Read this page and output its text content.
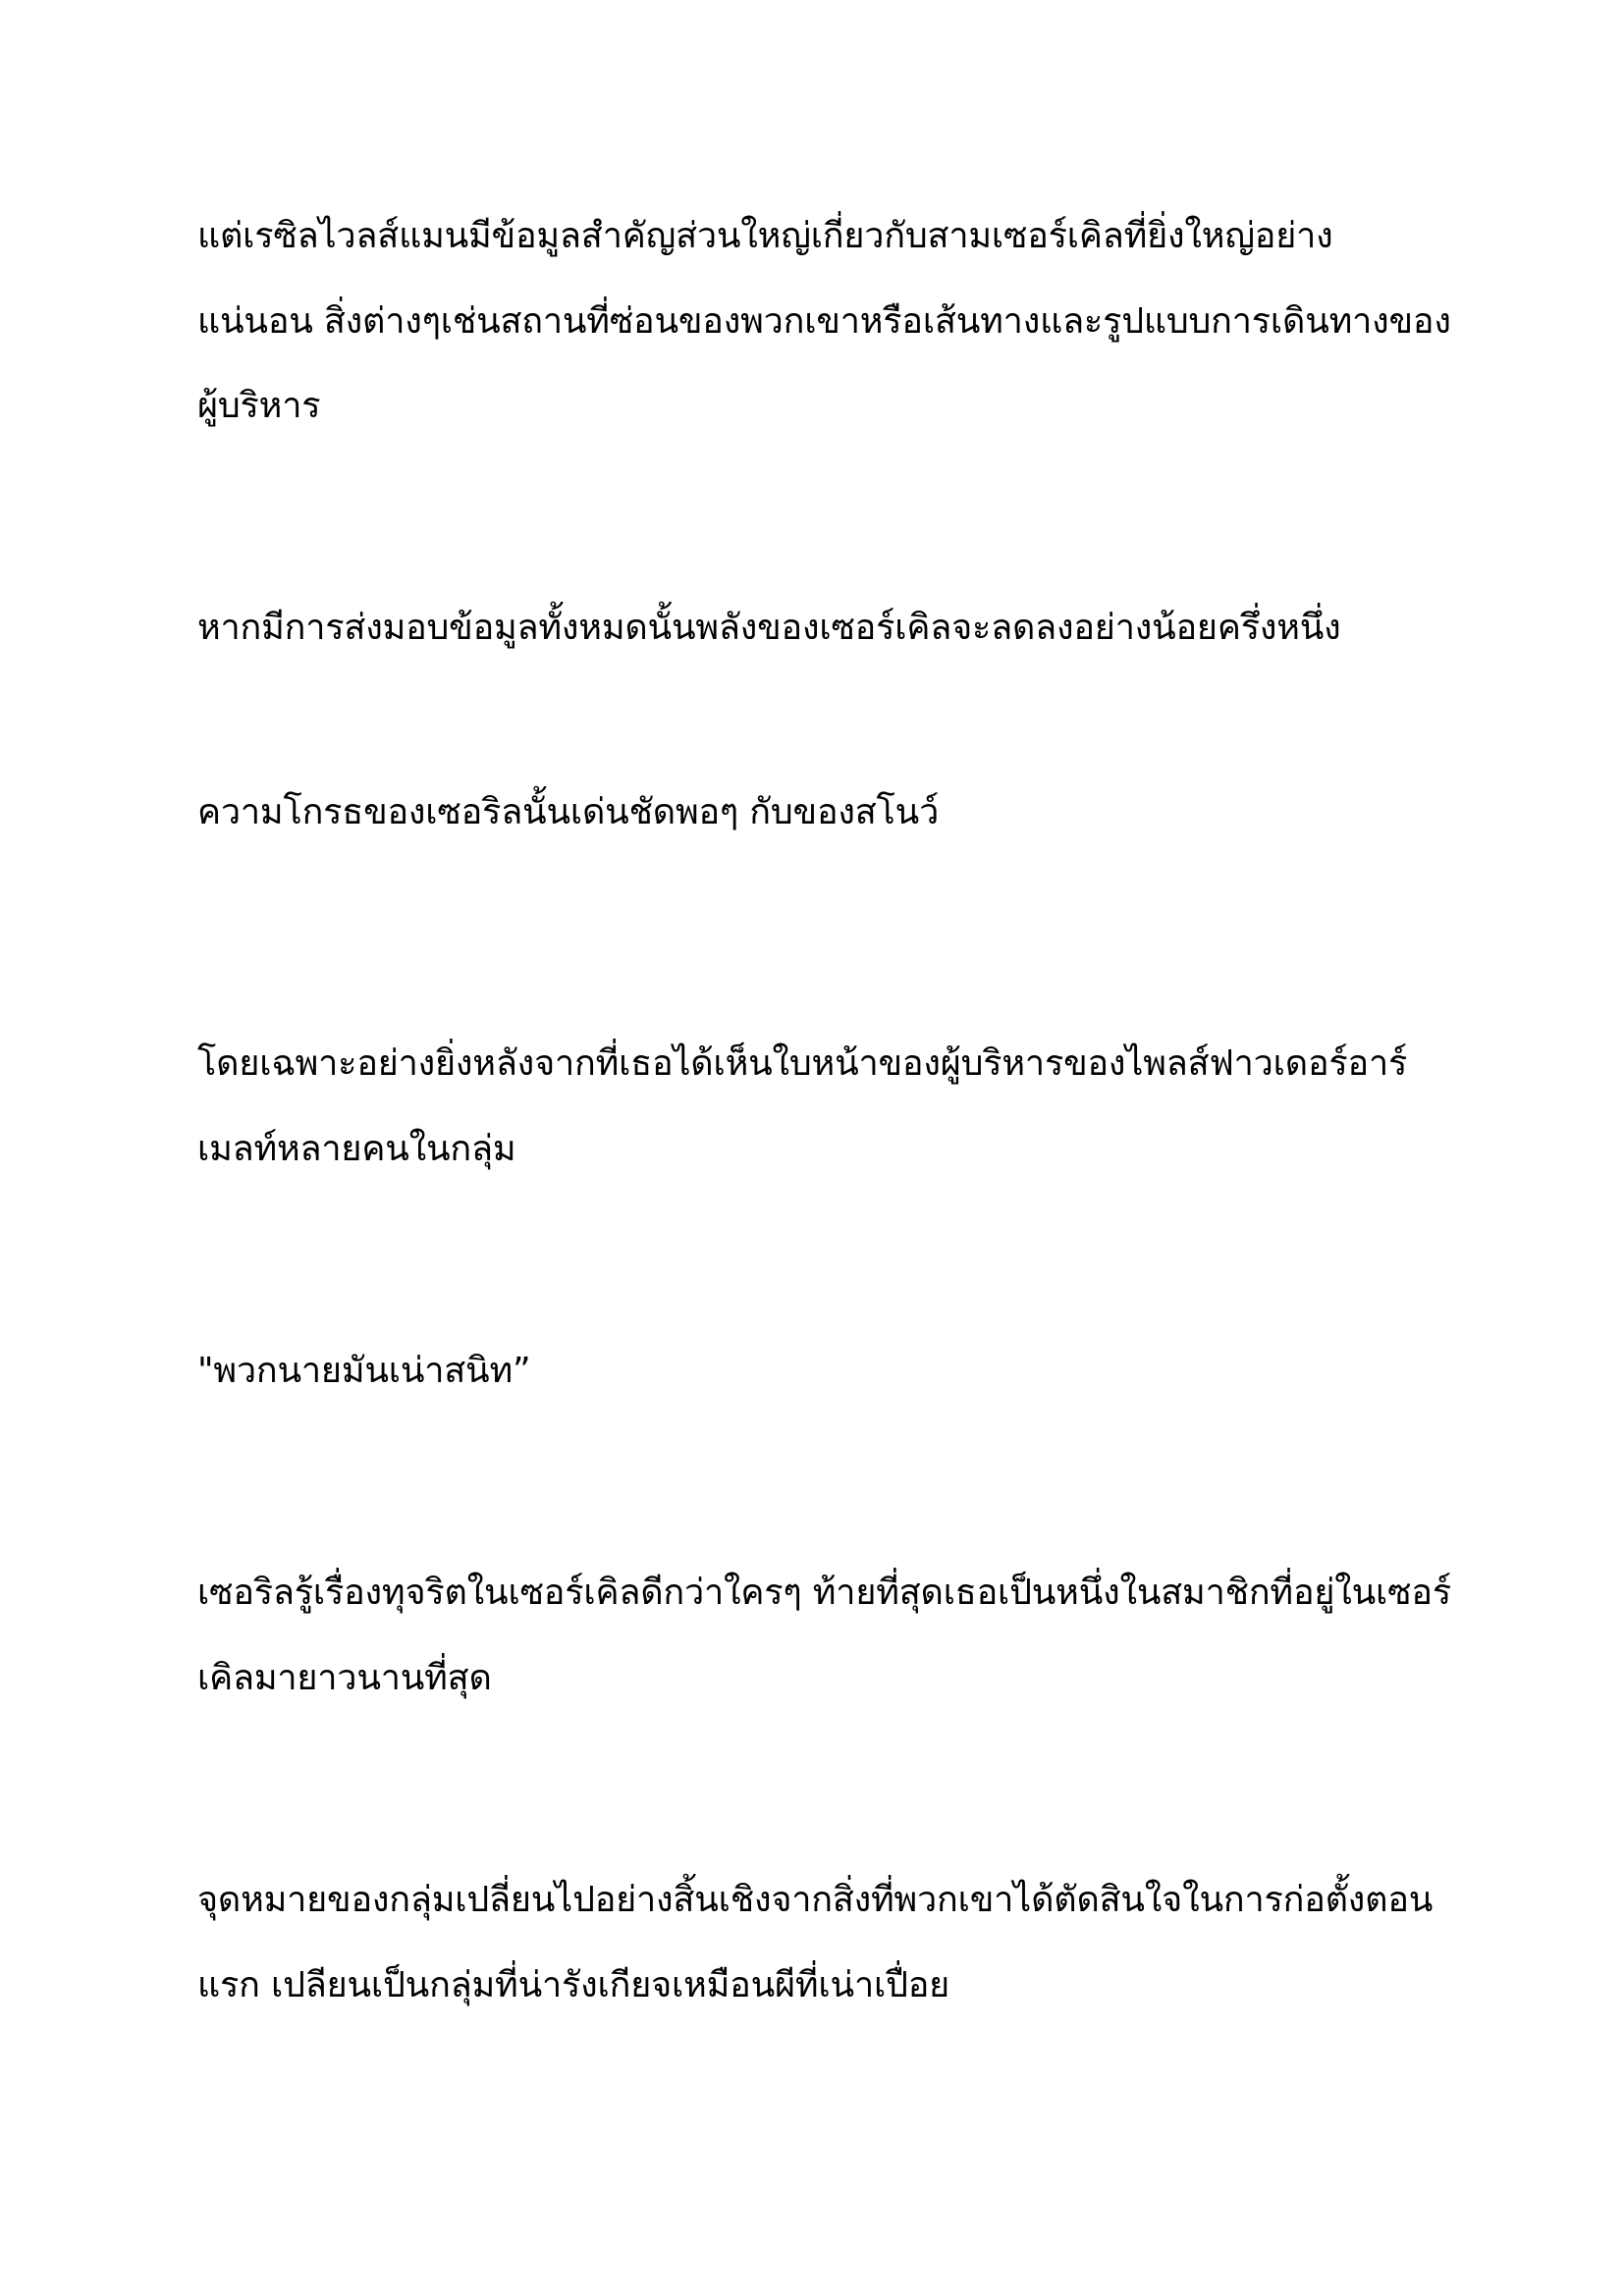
แต่เรซิลไวลส์แมนมีข้อมูลสำคัญส่วนใหญ่เกี่ยวกับสามเซอร์เคิลที่ยิ่งใหญ่อย่าง
แน่นอน สิ่งต่างๆเช่นสถานที่ซ่อนของพวกเขาหรือเส้นทางและรูปแบบการเดินทางของ
ผู้บริหาร
หากมีการส่งมอบข้อมูลทั้งหมดนั้นพลังของเซอร์เคิลจะลดลงอย่างน้อยครึ่งหนึ่ง
ความโกรธของเซอริลนั้นเด่นชัดพอๆ กับของสโนว์
โดยเฉพาะอย่างยิ่งหลังจากที่เธอได้เห็นใบหน้าของผู้บริหารของไพลส์ฟาวเดอร์อาร์
เมลท์หลายคนในกลุ่ม
"พวกนายมันเน่าสนิท”
เซอริลรู้เรื่องทุจริตในเซอร์เคิลดีกว่าใครๆ ท้ายที่สุดเธอเป็นหนึ่งในสมาชิกที่อยู่ในเซอร์
เคิลมายาวนานที่สุด
จุดหมายของกลุ่มเปลี่ยนไปอย่างสิ้นเชิงจากสิ่งที่พวกเขาได้ตัดสินใจในการก่อตั้งตอน
แรก เปลียนเป็นกลุ่มที่น่ารังเกียจเหมือนผีที่เน่าเปื่อย
